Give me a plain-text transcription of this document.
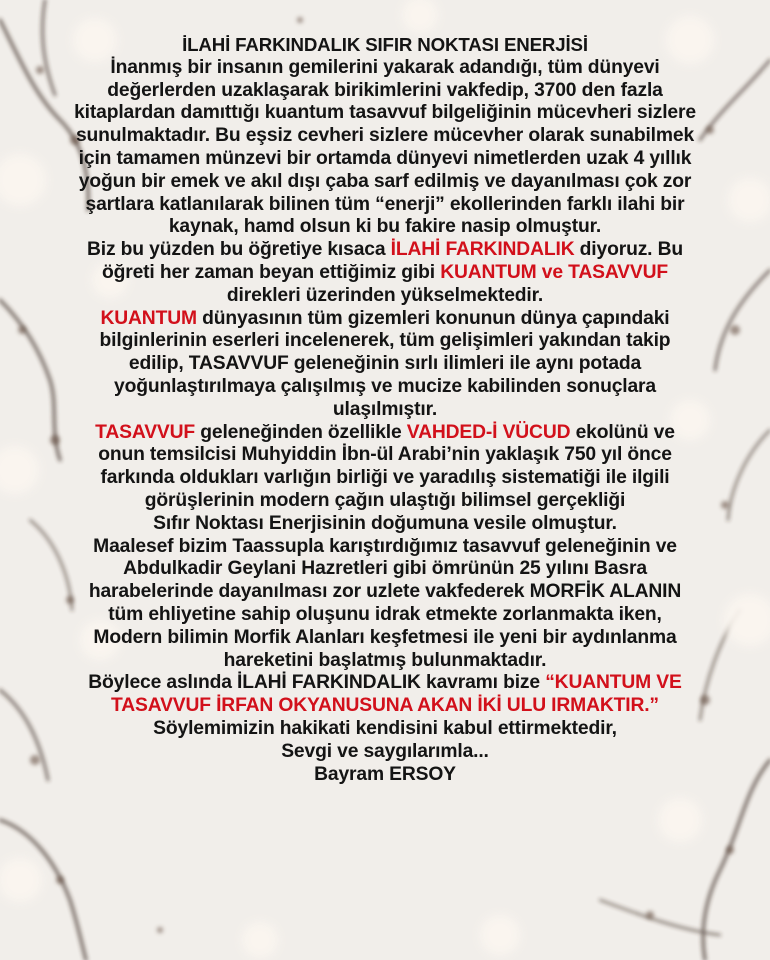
İLAHİ FARKINDALIK SIFIR NOKTASI ENERJİSİ
İnanmış bir insanın gemilerini yakarak adandığı, tüm dünyevi
değerlerden uzaklaşarak birikimlerini vakfedip, 3700 den fazla
kitaplardan damıttığı kuantum tasavvuf bilgeliğinin mücevheri sizlere
sunulmaktadır. Bu eşsiz cevheri sizlere mücevher olarak sunabilmek
için tamamen münzevi bir ortamda dünyevi nimetlerden uzak 4 yıllık
yoğun bir emek ve akıl dışı çaba sarf edilmiş ve dayanılması çok zor
şartlara katlanılarak bilinen tüm “enerji” ekollerinden farklı ilahi bir
kaynak, hamd olsun ki bu fakire nasip olmuştur.
Biz bu yüzden bu öğretiye kısaca İLAHİ FARKINDALIK diyoruz. Bu
öğreti her zaman beyan ettiğimiz gibi KUANTUM ve TASAVVUF
direkleri üzerinden yükselmektedir.
KUANTUM dünyasının tüm gizemleri konunun dünya çapındaki
bilginlerinin eserleri incelenerek, tüm gelişimleri yakından takip
edilip, TASAVVUF geleneğinin sırlı ilimleri ile aynı potada
yoğunlaştırılmaya çalışılmış ve mucize kabilinden sonuçlara
ulaşılmıştır.
TASAVVUF geleneğinden özellikle VAHDED-İ VÜCUD ekolünü ve
onun temsilcisi Muhyiddin İbn-ül Arabi’nin yaklaşık 750 yıl önce
farkında oldukları varlığın birliği ve yaradılış sistematiği ile ilgili
görüşlerinin modern çağın ulaştığı bilimsel gerçekliği
Sıfır Noktası Enerjisinin doğumuna vesile olmuştur.
Maalesef bizim Taassupla karıştırdığımız tasavvuf geleneğinin ve
Abdulkadir Geylani Hazretleri gibi ömrünün 25 yılını Basra
harabelerinde dayanılması zor uzlete vakfederek MORFİK ALANIN
tüm ehliyetine sahip oluşunu idrak etmekte zorlanmakta iken,
Modern bilimin Morfik Alanları keşfetmesi ile yeni bir aydınlanma
hareketini başlatmış bulunmaktadır.
Böylece aslında İLAHİ FARKINDALIK kavramı bize “KUANTUM VE
TASAVVUF İRFAN OKYANUSUNA AKAN İKİ ULU IRMAKTIR.”
Söylemimizin hakikati kendisini kabul ettirmektedir,
Sevgi ve saygılarımla...
Bayram ERSOY
